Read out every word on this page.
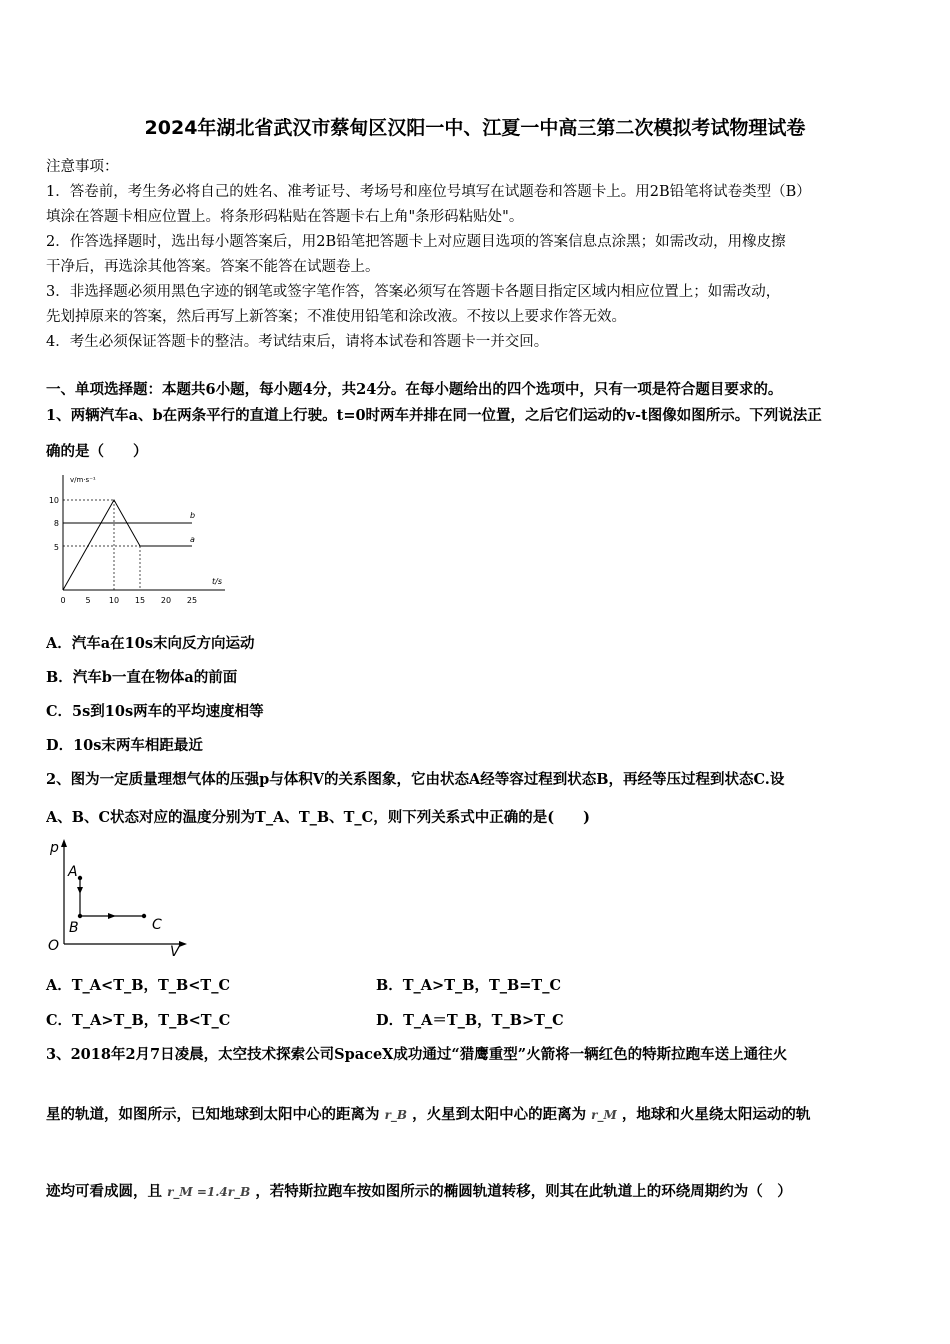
2024年湖北省武汉市蔡甸区汉阳一中、江夏一中高三第二次模拟考试物理试卷
注意事项：
1．答卷前，考生务必将自己的姓名、准考证号、考场号和座位号填写在试题卷和答题卡上。用2B铅笔将试卷类型（B）
填涂在答题卡相应位置上。将条形码粘贴在答题卡右上角"条形码粘贴处"。
2．作答选择题时，选出每小题答案后，用2B铅笔把答题卡上对应题目选项的答案信息点涂黑；如需改动，用橡皮擦
干净后，再选涂其他答案。答案不能答在试题卷上。
3．非选择题必须用黑色字迹的钢笔或签字笔作答，答案必须写在答题卡各题目指定区域内相应位置上；如需改动，
先划掉原来的答案，然后再写上新答案；不准使用铅笔和涂改液。不按以上要求作答无效。
4．考生必须保证答题卡的整洁。考试结束后，请将本试卷和答题卡一并交回。
一、单项选择题：本题共6小题，每小题4分，共24分。在每小题给出的四个选项中，只有一项是符合题目要求的。
1、两辆汽车a、b在两条平行的直道上行驶。t=0时两车并排在同一位置，之后它们运动的v-t图像如图所示。下列说法正
确的是（　　）
v/m·s⁻¹
t/s
10
8
5
0 5 10 15 20 25
b
a
A．汽车a在10s末向反方向运动
B．汽车b一直在物体a的前面
C．5s到10s两车的平均速度相等
D．10s末两车相距最近
2、图为一定质量理想气体的压强p与体积V的关系图象，它由状态A经等容过程到状态B，再经等压过程到状态C.设
A、B、C状态对应的温度分别为T_A、T_B、T_C，则下列关系式中正确的是(　　)
p
V
O
A
B	C
A．T_A<T_B，T_B<T_C	B．T_A>T_B，T_B=T_C
C．T_A>T_B，T_B<T_C	D．T_A＝T_B，T_B>T_C
3、2018年2月7日凌晨，太空技术探索公司SpaceX成功通过“猎鹰重型”火箭将一辆红色的特斯拉跑车送上通往火
星的轨道，如图所示，已知地球到太阳中心的距离为 r_B ，火星到太阳中心的距离为 r_M ，地球和火星绕太阳运动的轨
迹均可看成圆，且 r_M =1.4r_B ，若特斯拉跑车按如图所示的椭圆轨道转移，则其在此轨道上的环绕周期约为（　）
